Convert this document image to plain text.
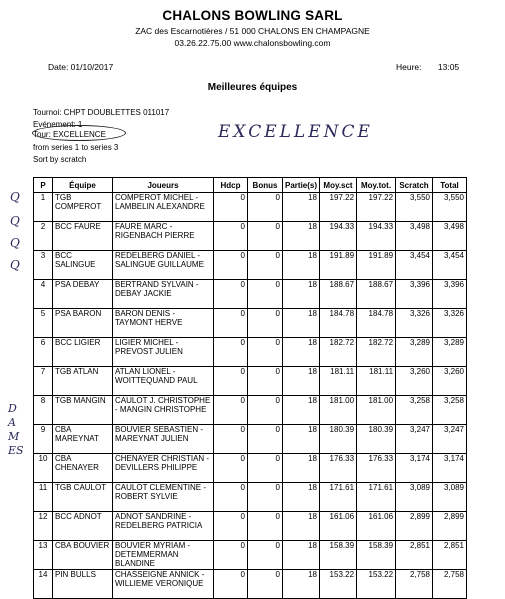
CHALONS BOWLING SARL
ZAC des Escarnotières / 51 000 CHALONS EN CHAMPAGNE
03.26.22.75.00 www.chalonsbowling.com
Date: 01/10/2017	Heure: 13:05
Meilleures équipes
Tournoi: CHPT DOUBLETTES 011017
Evénement: 1
Tour: EXCELLENCE
from series 1 to series 3
Sort by scratch
EXCELLENCE
Q
Q
Q
Q
DAMES
P	Équipe	Joueurs	Hdcp	Bonus	Partie(s)	Moy.sct	Moy.tot.	Scratch	Total
1	TGB COMPEROT	COMPEROT MICHEL - LAMBELIN ALEXANDRE	0	0	18	197.22	197.22	3,550	3,550
2	BCC FAURE	FAURE MARC - RIGENBACH PIERRE	0	0	18	194.33	194.33	3,498	3,498
3	BCC SALINGUE	REDELBERG DANIEL - SALINGUE GUILLAUME	0	0	18	191.89	191.89	3,454	3,454
4	PSA DEBAY	BERTRAND SYLVAIN - DEBAY JACKIE	0	0	18	188.67	188.67	3,396	3,396
5	PSA BARON	BARON DENIS - TAYMONT HERVE	0	0	18	184.78	184.78	3,326	3,326
6	BCC LIGIER	LIGIER MICHEL - PREVOST JULIEN	0	0	18	182.72	182.72	3,289	3,289
7	TGB ATLAN	ATLAN LIONEL - WOITTEQUAND PAUL	0	0	18	181.11	181.11	3,260	3,260
8	TGB MANGIN	CAULOT J. CHRISTOPHE - MANGIN CHRISTOPHE	0	0	18	181.00	181.00	3,258	3,258
9	CBA MAREYNAT	BOUVIER SEBASTIEN - MAREYNAT JULIEN	0	0	18	180.39	180.39	3,247	3,247
10	CBA CHENAYER	CHENAYER CHRISTIAN - DEVILLERS PHILIPPE	0	0	18	176.33	176.33	3,174	3,174
11	TGB CAULOT	CAULOT CLEMENTINE - ROBERT SYLVIE	0	0	18	171.61	171.61	3,089	3,089
12	BCC ADNOT	ADNOT SANDRINE - REDELBERG PATRICIA	0	0	18	161.06	161.06	2,899	2,899
13	CBA BOUVIER	BOUVIER MYRIAM - DETEMMERMAN BLANDINE	0	0	18	158.39	158.39	2,851	2,851
14	PIN BULLS	CHASSEIGNE ANNICK - WILLIEME VERONIQUE	0	0	18	153.22	153.22	2,758	2,758
